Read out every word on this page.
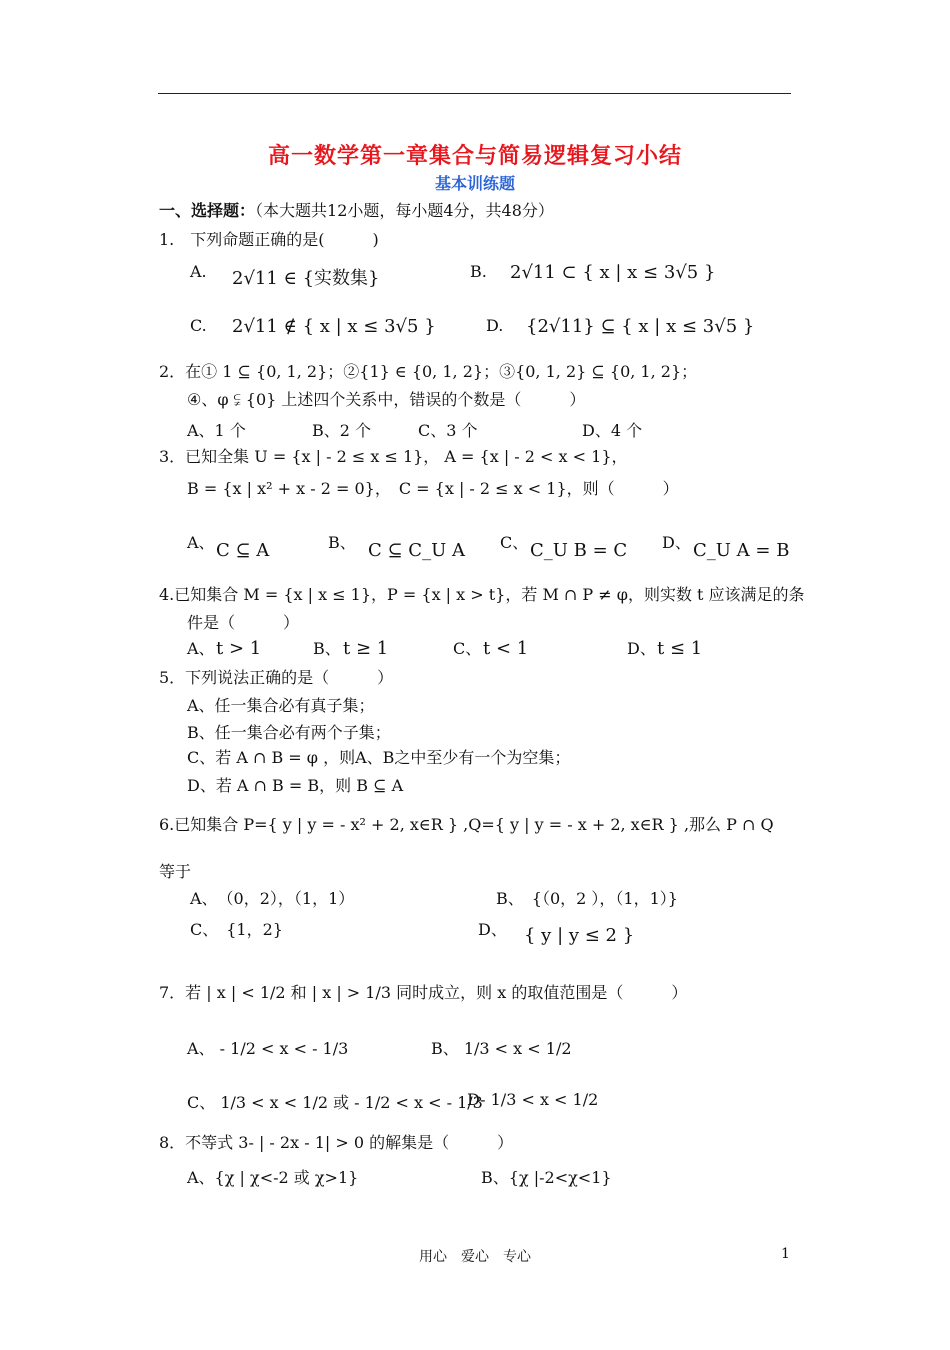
高一数学第一章集合与简易逻辑复习小结
基本训练题
一、选择题：（本大题共12小题，每小题4分，共48分）
1.　下列命题正确的是(　　　)
A. 2√11 ∈ {实数集}	B. 2√11 ⊂ { x | x ≤ 3√5 }
C. 2√11 ∉ { x | x ≤ 3√5 }	D. {2√11} ⊆ { x | x ≤ 3√5 }
2．在① 1 ⊆ {0, 1, 2}；②{1} ∈ {0, 1, 2}；③{0, 1, 2} ⊆ {0, 1, 2}；
④、φ ⫋ {0} 上述四个关系中，错误的个数是（　　　）
A、1 个	B、2 个	C、3 个	D、4 个
3．已知全集 U = {x | - 2 ≤ x ≤ 1}， A = {x | - 2 < x < 1}，
B = {x | x² + x - 2 = 0}，　C = {x | - 2 ≤ x < 1}，则（　　　）
A、 C ⊆ A	B、 C ⊆ C_U A C、 C_U B = C D、 C_U A = B
4.已知集合 M = {x | x ≤ 1}，P = {x | x > t}，若 M ∩ P ≠ φ，则实数 t 应该满足的条
件是（　　　）
A、 t > 1	B、 t ≥ 1	C、 t < 1	D、 t ≤ 1
5．下列说法正确的是（　　　）
A、任一集合必有真子集；
B、任一集合必有两个子集；
C、若 A ∩ B = φ ，则A、B之中至少有一个为空集；
D、若 A ∩ B = B，则 B ⊆ A
6.已知集合 P={ y | y = - x² + 2, x∈R } ,Q={ y | y = - x + 2, x∈R } ,那么 P ∩ Q
等于
A、　（0，2），（1，1）	B、　{（0，2 ），（1，1）}
C、　{1，2}	D、 { y | y ≤ 2 }
7．若 | x | < 1/2 和 | x | > 1/3 同时成立，则 x 的取值范围是（　　　）
A、 - 1/2 < x < - 1/3	B、 1/3 < x < 1/2
C、 1/3 < x < 1/2 或 - 1/2 < x < - 1/3
D- 1/3 < x < 1/2
8．不等式 3- | - 2x - 1| > 0 的解集是（　　　）
A、{χ | χ<-2 或 χ>1}	B、{χ |-2<χ<1}
用心　爱心　专心	1
